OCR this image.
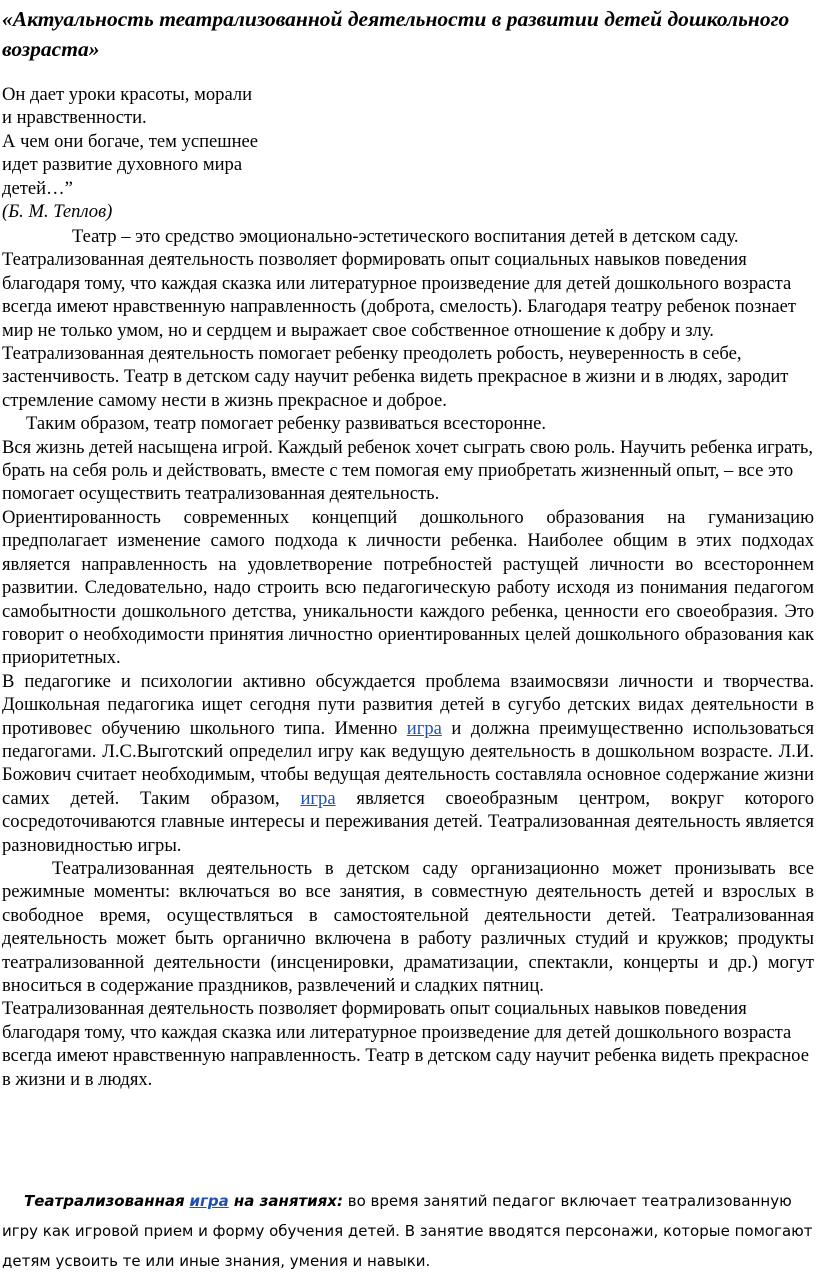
«Актуальность театрализованной деятельности в развитии детей дошкольного возраста»
Он дает уроки красоты, морали
и нравственности.
А чем они богаче, тем успешнее
идет развитие духовного мира
детей…”
(Б. М. Теплов)

Театр – это средство эмоционально-эстетического воспитания детей в детском саду. Театрализованная деятельность позволяет формировать опыт социальных навыков поведения благодаря тому, что каждая сказка или литературное произведение для детей дошкольного возраста всегда имеют нравственную направленность (доброта, смелость). Благодаря театру ребенок познает мир не только умом, но и сердцем и выражает свое собственное отношение к добру и злу. Театрализованная деятельность помогает ребенку преодолеть робость, неуверенность в себе, застенчивость. Театр в детском саду научит ребенка видеть прекрасное в жизни и в людях, зародит стремление самому нести в жизнь прекрасное и доброе.

Таким образом, театр помогает ребенку развиваться всесторонне.

Вся жизнь детей насыщена игрой. Каждый ребенок хочет сыграть свою роль. Научить ребенка играть, брать на себя роль и действовать, вместе с тем помогая ему приобретать жизненный опыт, – все это помогает осуществить театрализованная деятельность.

Ориентированность современных концепций дошкольного образования на гуманизацию предполагает изменение самого подхода к личности ребенка. Наиболее общим в этих подходах является направленность на удовлетворение потребностей растущей личности во всестороннем развитии. Следовательно, надо строить всю педагогическую работу исходя из понимания педагогом самобытности дошкольного детства, уникальности каждого ребенка, ценности его своеобразия. Это говорит о необходимости принятия личностно ориентированных целей дошкольного образования как приоритетных.

В педагогике и психологии активно обсуждается проблема взаимосвязи личности и творчества. Дошкольная педагогика ищет сегодня пути развития детей в сугубо детских видах деятельности в противовес обучению школьного типа. Именно игра и должна преимущественно использоваться педагогами. Л.С.Выготский определил игру как ведущую деятельность в дошкольном возрасте. Л.И. Божович считает необходимым, чтобы ведущая деятельность составляла основное содержание жизни самих детей. Таким образом, игра является своеобразным центром, вокруг которого сосредоточиваются главные интересы и переживания детей. Театрализованная деятельность является разновидностью игры.

Театрализованная деятельность в детском саду организационно может пронизывать все режимные моменты: включаться во все занятия, в совместную деятельность детей и взрослых в свободное время, осуществляться в самостоятельной деятельности детей. Театрализованная деятельность может быть органично включена в работу различных студий и кружков; продукты театрализованной деятельности (инсценировки, драматизации, спектакли, концерты и др.) могут вноситься в содержание праздников, развлечений и сладких пятниц.

Театрализованная деятельность позволяет формировать опыт социальных навыков поведения благодаря тому, что каждая сказка или литературное произведение для детей дошкольного возраста всегда имеют нравственную направленность. Театр в детском саду научит ребенка видеть прекрасное в жизни и в людях.

Театрализованная игра на занятиях: во время занятий педагог включает театрализованную игру как игровой прием и форму обучения детей. В занятие вводятся персонажи, которые помогают детям усвоить те или иные знания, умения и навыки.
